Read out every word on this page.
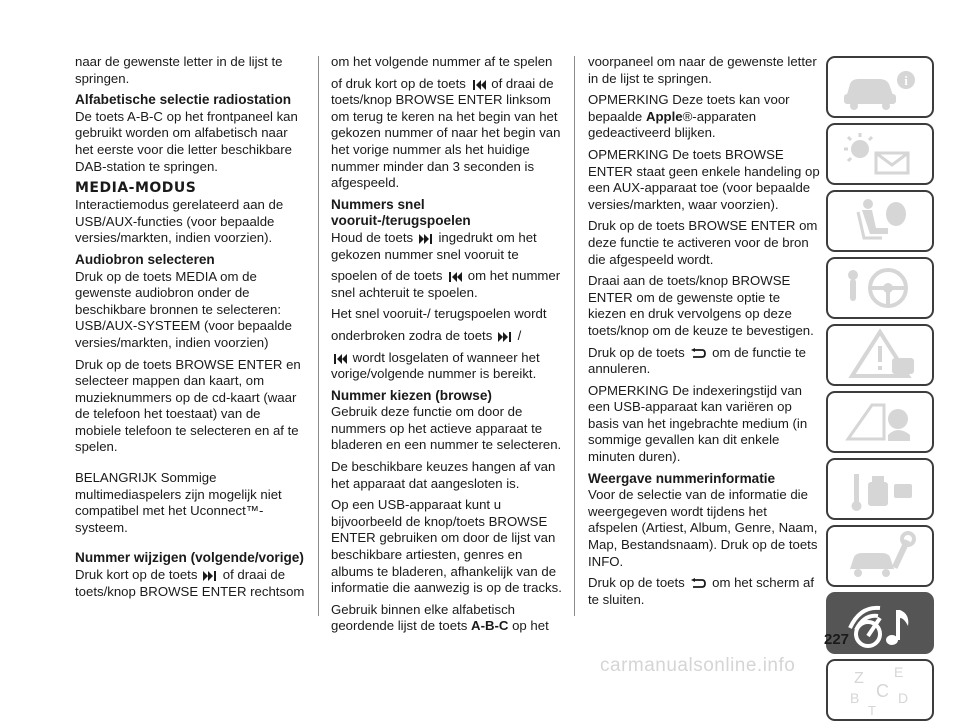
naar de gewenste letter in de lijst te springen.

Alfabetische selectie radiostation

De toets A-B-C op het frontpaneel kan gebruikt worden om alfabetisch naar het eerste voor die letter beschikbare DAB-station te springen.

MEDIA-MODUS

Interactiemodus gerelateerd aan de USB/AUX-functies (voor bepaalde versies/markten, indien voorzien).

Audiobron selecteren

Druk op de toets MEDIA om de gewenste audiobron onder de beschikbare bronnen te selecteren: USB/AUX-SYSTEEM (voor bepaalde versies/markten, indien voorzien)

Druk op de toets BROWSE ENTER en selecteer mappen dan kaart, om muzieknummers op de cd-kaart (waar de telefoon het toestaat) van de mobiele telefoon te selecteren en af te spelen.

BELANGRIJK Sommige multimediaspelers zijn mogelijk niet compatibel met het Uconnect™-systeem.

Nummer wijzigen (volgende/vorige)

Druk kort op de toets of draai de toets/knop BROWSE ENTER rechtsom

om het volgende nummer af te spelen

of druk kort op de toets of draai de toets/knop BROWSE ENTER linksom om terug te keren na het begin van het gekozen nummer of naar het begin van het vorige nummer als het huidige nummer minder dan 3 seconden is afgespeeld.

Nummers snel vooruit-/terugspoelen

Houd de toets ingedrukt om het gekozen nummer snel vooruit te

spoelen of de toets om het nummer snel achteruit te spoelen.

Het snel vooruit-/ terugspoelen wordt

onderbroken zodra de toets /

wordt losgelaten of wanneer het vorige/volgende nummer is bereikt.

Nummer kiezen (browse)

Gebruik deze functie om door de nummers op het actieve apparaat te bladeren en een nummer te selecteren.

De beschikbare keuzes hangen af van het apparaat dat aangesloten is.

Op een USB-apparaat kunt u bijvoorbeeld de knop/toets BROWSE ENTER gebruiken om door de lijst van beschikbare artiesten, genres en albums te bladeren, afhankelijk van de informatie die aanwezig is op de tracks.

Gebruik binnen elke alfabetisch geordende lijst de toets A-B-C op het

voorpaneel om naar de gewenste letter in de lijst te springen.

OPMERKING Deze toets kan voor bepaalde Apple®-apparaten gedeactiveerd blijken.

OPMERKING De toets BROWSE ENTER staat geen enkele handeling op een AUX-apparaat toe (voor bepaalde versies/markten, waar voorzien).

Druk op de toets BROWSE ENTER om deze functie te activeren voor de bron die afgespeeld wordt.

Draai aan de toets/knop BROWSE ENTER om de gewenste optie te kiezen en druk vervolgens op deze toets/knop om de keuze te bevestigen.

Druk op de toets om de functie te annuleren.

OPMERKING De indexeringstijd van een USB-apparaat kan variëren op basis van het ingebrachte medium (in sommige gevallen kan dit enkele minuten duren).

Weergave nummerinformatie

Voor de selectie van de informatie die weergegeven wordt tijdens het afspelen (Artiest, Album, Genre, Naam, Map, Bestandsnaam). Druk op de toets INFO.

Druk op de toets om het scherm af te sluiten.

i
Z E
B C
T
D
227
carmanualsonline.info
